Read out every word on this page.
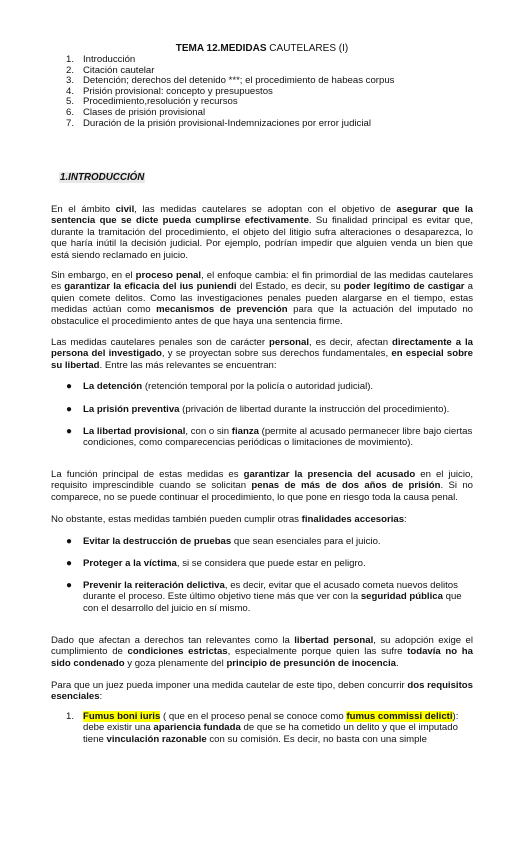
TEMA 12.MEDIDAS CAUTELARES (I)
1. Introducción
2. Citación cautelar
3. Detención; derechos del detenido ***; el procedimiento de habeas corpus
4. Prisión provisional: concepto y presupuestos
5. Procedimiento,resolución y recursos
6. Clases de prisión provisional
7. Duración de la prisión provisional-Indemnizaciones por error judicial
1.INTRODUCCIÓN

En el ámbito civil, las medidas cautelares se adoptan con el objetivo de asegurar que la sentencia que se dicte pueda cumplirse efectivamente. Su finalidad principal es evitar que, durante la tramitación del procedimiento, el objeto del litigio sufra alteraciones o desaparezca, lo que haría inútil la decisión judicial. Por ejemplo, podrían impedir que alguien venda un bien que está siendo reclamado en juicio.

Sin embargo, en el proceso penal, el enfoque cambia: el fin primordial de las medidas cautelares es garantizar la eficacia del ius puniendi del Estado, es decir, su poder legítimo de castigar a quien comete delitos. Como las investigaciones penales pueden alargarse en el tiempo, estas medidas actúan como mecanismos de prevención para que la actuación del imputado no obstaculice el procedimiento antes de que haya una sentencia firme.

Las medidas cautelares penales son de carácter personal, es decir, afectan directamente a la persona del investigado, y se proyectan sobre sus derechos fundamentales, en especial sobre su libertad. Entre las más relevantes se encuentran:

● La detención (retención temporal por la policía o autoridad judicial).
● La prisión preventiva (privación de libertad durante la instrucción del procedimiento).
● La libertad provisional, con o sin fianza (permite al acusado permanecer libre bajo ciertas condiciones, como comparecencias periódicas o limitaciones de movimiento).

La función principal de estas medidas es garantizar la presencia del acusado en el juicio, requisito imprescindible cuando se solicitan penas de más de dos años de prisión. Si no comparece, no se puede continuar el procedimiento, lo que pone en riesgo toda la causa penal.

No obstante, estas medidas también pueden cumplir otras finalidades accesorias:

● Evitar la destrucción de pruebas que sean esenciales para el juicio.
● Proteger a la víctima, si se considera que puede estar en peligro.
● Prevenir la reiteración delictiva, es decir, evitar que el acusado cometa nuevos delitos durante el proceso. Este último objetivo tiene más que ver con la seguridad pública que con el desarrollo del juicio en sí mismo.

Dado que afectan a derechos tan relevantes como la libertad personal, su adopción exige el cumplimiento de condiciones estrictas, especialmente porque quien las sufre todavía no ha sido condenado y goza plenamente del principio de presunción de inocencia.

Para que un juez pueda imponer una medida cautelar de este tipo, deben concurrir dos requisitos esenciales:

1. Fumus boni iuris ( que en el proceso penal se conoce como fumus commissi delicti): debe existir una apariencia fundada de que se ha cometido un delito y que el imputado tiene vinculación razonable con su comisión. Es decir, no basta con una simple
